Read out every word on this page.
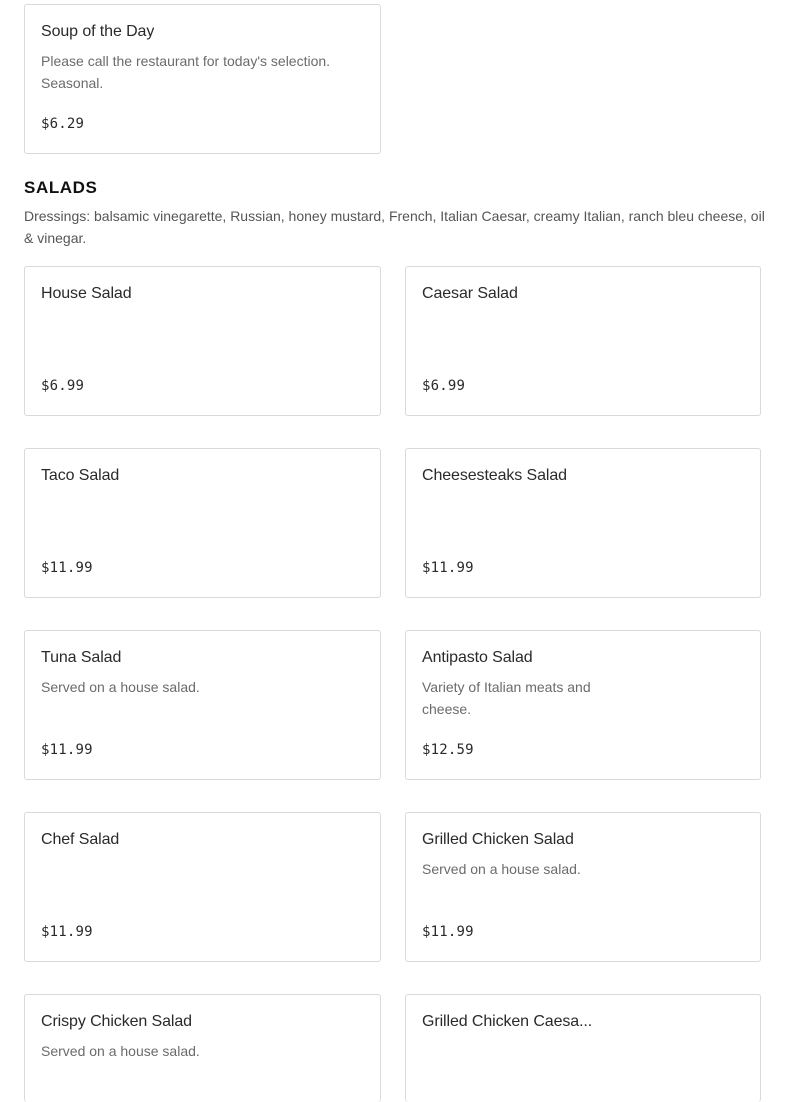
Soup of the Day
Please call the restaurant for today's selection. Seasonal.
$6.29
SALADS
Dressings: balsamic vinegarette, Russian, honey mustard, French, Italian Caesar, creamy Italian, ranch bleu cheese, oil & vinegar.
House Salad
$6.99
Caesar Salad
$6.99
Taco Salad
$11.99
Cheesesteaks Salad
$11.99
Tuna Salad
Served on a house salad.
$11.99
Antipasto Salad
Variety of Italian meats and cheese.
$12.59
Chef Salad
$11.99
Grilled Chicken Salad
Served on a house salad.
$11.99
Crispy Chicken Salad
Served on a house salad.
Grilled Chicken Caesa...
